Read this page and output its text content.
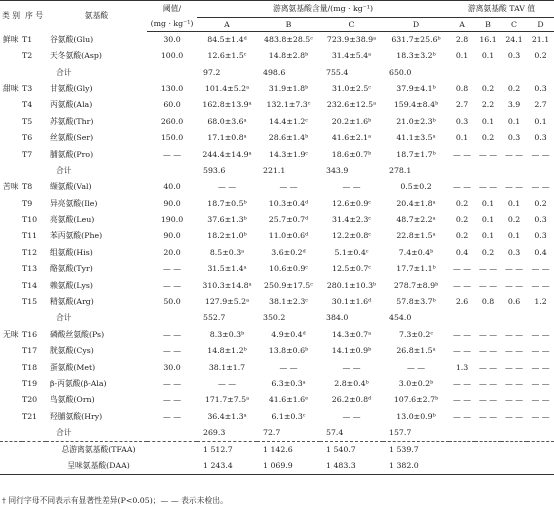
类 别	序 号	氨基酸	阈值/	游离氨基酸含量/(mg · kg⁻¹)				游离氨基酸 TAV 值			
			(mg · kg⁻¹)	A	B	C	D	A	B	C	D
鲜味	T1	谷氨酸(Glu)	30.0	84.5±1.4ᵈ	483.8±28.5ᶜ	723.9±38.9ᵃ	631.7±25.6ᵇ	2.8	16.1	24.1	21.1
	T2	天冬氨酸(Asp)	100.0	12.6±1.5ᶜ	14.8±2.8ᵇ	31.4±5.4ᵃ	18.3±3.2ᵇ	0.1	0.1	0.3	0.2
		合计		97.2	498.6	755.4	650.0				
甜味	T3	甘氨酸(Gly)	130.0	101.4±5.2ᵃ	31.9±1.8ᵇ	31.0±2.5ᶜ	37.9±4.1ᵇ	0.8	0.2	0.2	0.3
	T4	丙氨酸(Ala)	60.0	162.8±13.9ᵃ	132.1±7.3ᶜ	232.6±12.5ᵃ	159.4±8.4ᵇ	2.7	2.2	3.9	2.7
	T5	苏氨酸(Thr)	260.0	68.0±3.6ᵃ	14.4±1.2ᶜ	20.2±1.6ᵇ	21.0±2.3ᵇ	0.3	0.1	0.1	0.1
	T6	丝氨酸(Ser)	150.0	17.1±0.8ᵃ	28.6±1.4ᵇ	41.6±2.1ᵃ	41.1±3.5ᵃ	0.1	0.2	0.3	0.3
	T7	脯氨酸(Pro)	— —	244.4±14.9ᵃ	14.3±1.9ᶜ	18.6±0.7ᵇ	18.7±1.7ᵇ	— —	— —	— —	— —
		合计		593.6	221.1	343.9	278.1				
苦味	T8	缬氨酸(Val)	40.0	— —	— —	— —	0.5±0.2	— —	— —	— —	— —
	T9	异亮氨酸(Ile)	90.0	18.7±0.5ᵇ	10.3±0.4ᵈ	12.6±0.9ᶜ	20.4±1.8ᵃ	0.2	0.1	0.1	0.2
	T10	亮氨酸(Leu)	190.0	37.6±1.3ᵇ	25.7±0.7ᵈ	31.4±2.3ᶜ	48.7±2.2ᵃ	0.2	0.1	0.2	0.3
	T11	苯丙氨酸(Phe)	90.0	18.2±1.0ᵇ	11.0±0.6ᵈ	12.2±0.8ᶜ	22.8±1.5ᵃ	0.2	0.1	0.1	0.3
	T12	组氨酸(His)	20.0	8.5±0.3ᵃ	3.6±0.2ᵈ	5.1±0.4ᶜ	7.4±0.4ᵇ	0.4	0.2	0.3	0.4
	T13	酪氨酸(Tyr)	— —	31.5±1.4ᵃ	10.6±0.9ᶜ	12.5±0.7ᶜ	17.7±1.1ᵇ	— —	— —	— —	— —
	T14	赖氨酸(Lys)	— —	310.3±14.8ᵃ	250.9±17.5ᶜ	280.1±10.3ᵇ	278.7±8.9ᵇ	— —	— —	— —	— —
	T15	精氨酸(Arg)	50.0	127.9±5.2ᵃ	38.1±2.3ᶜ	30.1±1.6ᵈ	57.8±3.7ᵇ	2.6	0.8	0.6	1.2
		合计		552.7	350.2	384.0	454.0				
无味	T16	磷酸丝氨酸(Ps)	— —	8.3±0.3ᵇ	4.9±0.4ᵈ	14.3±0.7ᵃ	7.3±0.2ᶜ	— —	— —	— —	— —
	T17	胱氨酸(Cys)	— —	14.8±1.2ᵇ	13.8±0.6ᵇ	14.1±0.9ᵇ	26.8±1.5ᵃ	— —	— —	— —	— —
	T18	蛋氨酸(Met)	30.0	38.1±1.7	— —	— —	— —	1.3	— —	— —	— —
	T19	β-丙氨酸(β-Ala)	— —	— —	6.3±0.3ᵃ	2.8±0.4ᵇ	3.0±0.2ᵇ	— —	— —	— —	— —
	T20	鸟氨酸(Orn)	— —	171.7±7.5ᵃ	41.6±1.6ᵉ	26.2±0.8ᵈ	107.6±2.7ᵇ	— —	— —	— —	— —
	T21	羟脯氨酸(Hry)	— —	36.4±1.3ᵃ	6.1±0.3ᶜ	— —	13.0±0.9ᵇ	— —	— —	— —	— —
		合计		269.3	72.7	57.4	157.7				
总游离氨基酸(TFAA)				1 512.7	1 142.6	1 540.7	1 539.7				
呈味氨基酸(DAA)				1 243.4	1 069.9	1 483.3	1 382.0				
† 同行字母不同表示有显著性差异(P<0.05)；— — 表示未检出。
